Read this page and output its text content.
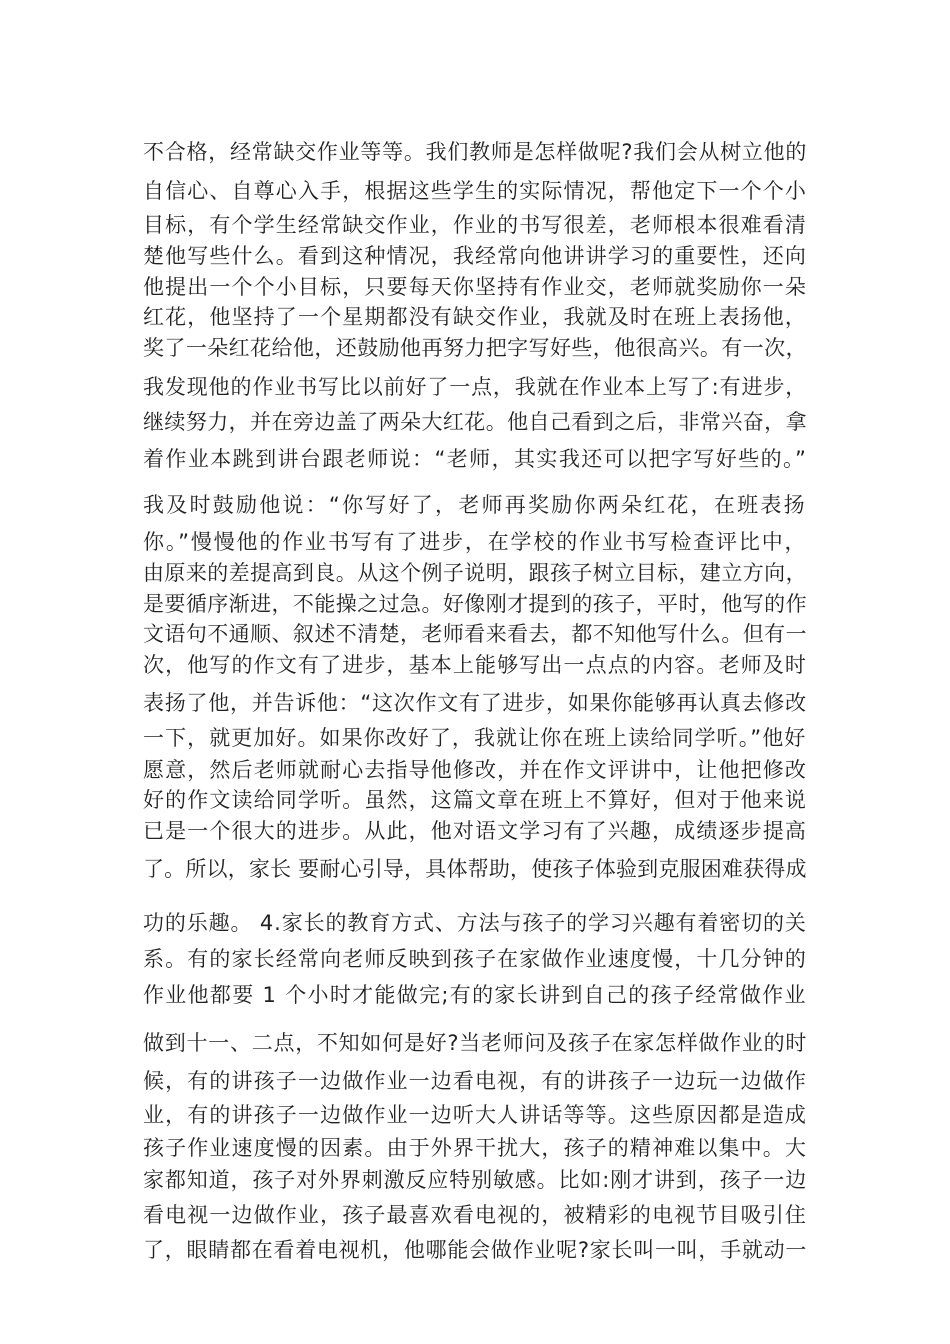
不合格，经常缺交作业等等。我们教师是怎样做呢?我们会从树立他的
自信心、自尊心入手，根据这些学生的实际情况，帮他定下一个个小
目标，有个学生经常缺交作业，作业的书写很差，老师根本很难看清
楚他写些什么。看到这种情况，我经常向他讲讲学习的重要性，还向
他提出一个个小目标，只要每天你坚持有作业交，老师就奖励你一朵
红花，他坚持了一个星期都没有缺交作业，我就及时在班上表扬他，
奖了一朵红花给他，还鼓励他再努力把字写好些，他很高兴。有一次，
我发现他的作业书写比以前好了一点，我就在作业本上写了:有进步，
继续努力，并在旁边盖了两朵大红花。他自己看到之后，非常兴奋，拿
着作业本跳到讲台跟老师说：“老师，其实我还可以把字写好些的。”
我及时鼓励他说：“你写好了，老师再奖励你两朵红花，在班表扬
你。”慢慢他的作业书写有了进步，在学校的作业书写检查评比中，
由原来的差提高到良。从这个例子说明，跟孩子树立目标，建立方向，
是要循序渐进，不能操之过急。好像刚才提到的孩子，平时，他写的作
文语句不通顺、叙述不清楚，老师看来看去，都不知他写什么。但有一
次，他写的作文有了进步，基本上能够写出一点点的内容。老师及时
表扬了他，并告诉他：“这次作文有了进步，如果你能够再认真去修改
一下，就更加好。如果你改好了，我就让你在班上读给同学听。”他好
愿意，然后老师就耐心去指导他修改，并在作文评讲中，让他把修改
好的作文读给同学听。虽然，这篇文章在班上不算好，但对于他来说
已是一个很大的进步。从此，他对语文学习有了兴趣，成绩逐步提高
了。所以，家长 要耐心引导，具体帮助，使孩子体验到克服困难获得成
功的乐趣。 4.家长的教育方式、方法与孩子的学习兴趣有着密切的关
系。有的家长经常向老师反映到孩子在家做作业速度慢，十几分钟的
作业他都要 1 个小时才能做完;有的家长讲到自己的孩子经常做作业
做到十一、二点，不知如何是好?当老师问及孩子在家怎样做作业的时
候，有的讲孩子一边做作业一边看电视，有的讲孩子一边玩一边做作
业，有的讲孩子一边做作业一边听大人讲话等等。这些原因都是造成
孩子作业速度慢的因素。由于外界干扰大，孩子的精神难以集中。大
家都知道，孩子对外界刺激反应特别敏感。比如:刚才讲到，孩子一边
看电视一边做作业，孩子最喜欢看电视的，被精彩的电视节目吸引住
了，眼睛都在看着电视机，他哪能会做作业呢?家长叫一叫，手就动一
